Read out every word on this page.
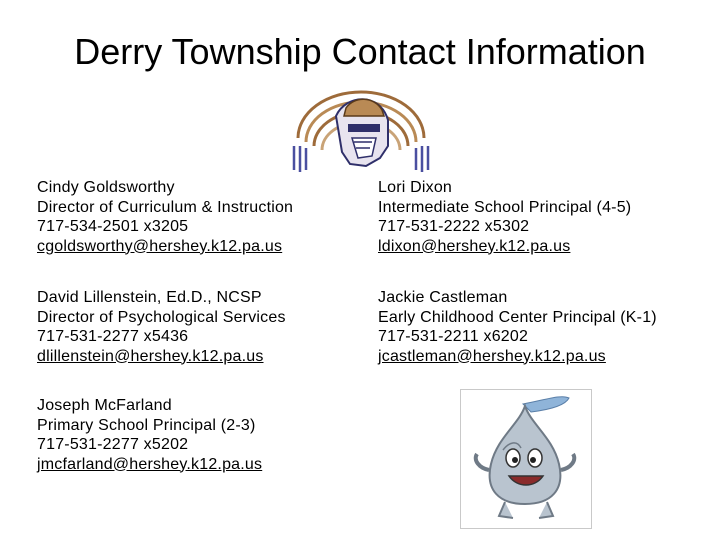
Derry Township Contact Information
Cindy Goldsworthy
Director of Curriculum & Instruction
717-534-2501 x3205
cgoldsworthy@hershey.k12.pa.us
Lori Dixon
Intermediate School Principal (4-5)
717-531-2222 x5302
ldixon@hershey.k12.pa.us
David Lillenstein, Ed.D., NCSP
Director of Psychological Services
717-531-2277 x5436
dlillenstein@hershey.k12.pa.us
Jackie Castleman
Early Childhood Center Principal (K-1)
717-531-2211 x6202
jcastleman@hershey.k12.pa.us
Joseph McFarland
Primary School Principal (2-3)
717-531-2277 x5202
jmcfarland@hershey.k12.pa.us
